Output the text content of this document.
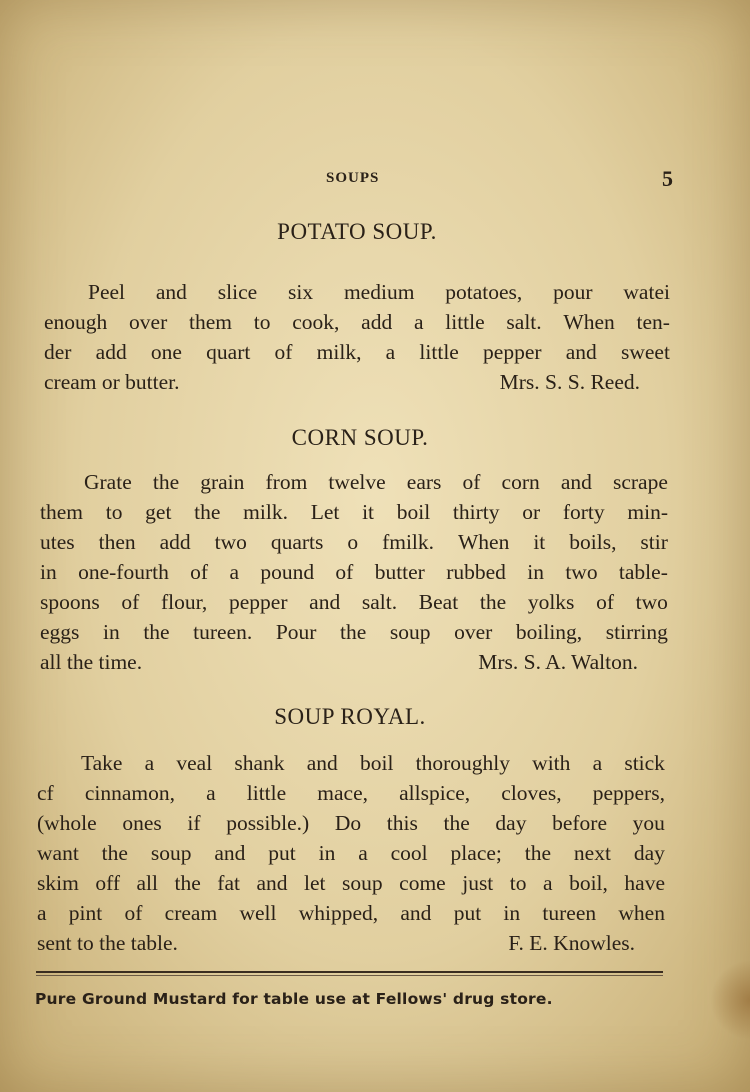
SOUPS	5
POTATO SOUP.
Peel and slice six medium potatoes, pour watei
enough over them to cook, add a little salt. When ten-
der add one quart of milk, a little pepper and sweet
cream or butter.	Mrs. S. S. Reed.
CORN SOUP.
Grate the grain from twelve ears of corn and scrape
them to get the milk. Let it boil thirty or forty min-
utes then add two quarts o fmilk. When it boils, stir
in one-fourth of a pound of butter rubbed in two table-
spoons of flour, pepper and salt. Beat the yolks of two
eggs in the tureen. Pour the soup over boiling, stirring
all the time.	Mrs. S. A. Walton.
SOUP ROYAL.
Take a veal shank and boil thoroughly with a stick
cf cinnamon, a little mace, allspice, cloves, peppers,
(whole ones if possible.) Do this the day before you
want the soup and put in a cool place; the next day
skim off all the fat and let soup come just to a boil, have
a pint of cream well whipped, and put in tureen when
sent to the table.	F. E. Knowles.
Pure Ground Mustard for table use at Fellows' drug store.
